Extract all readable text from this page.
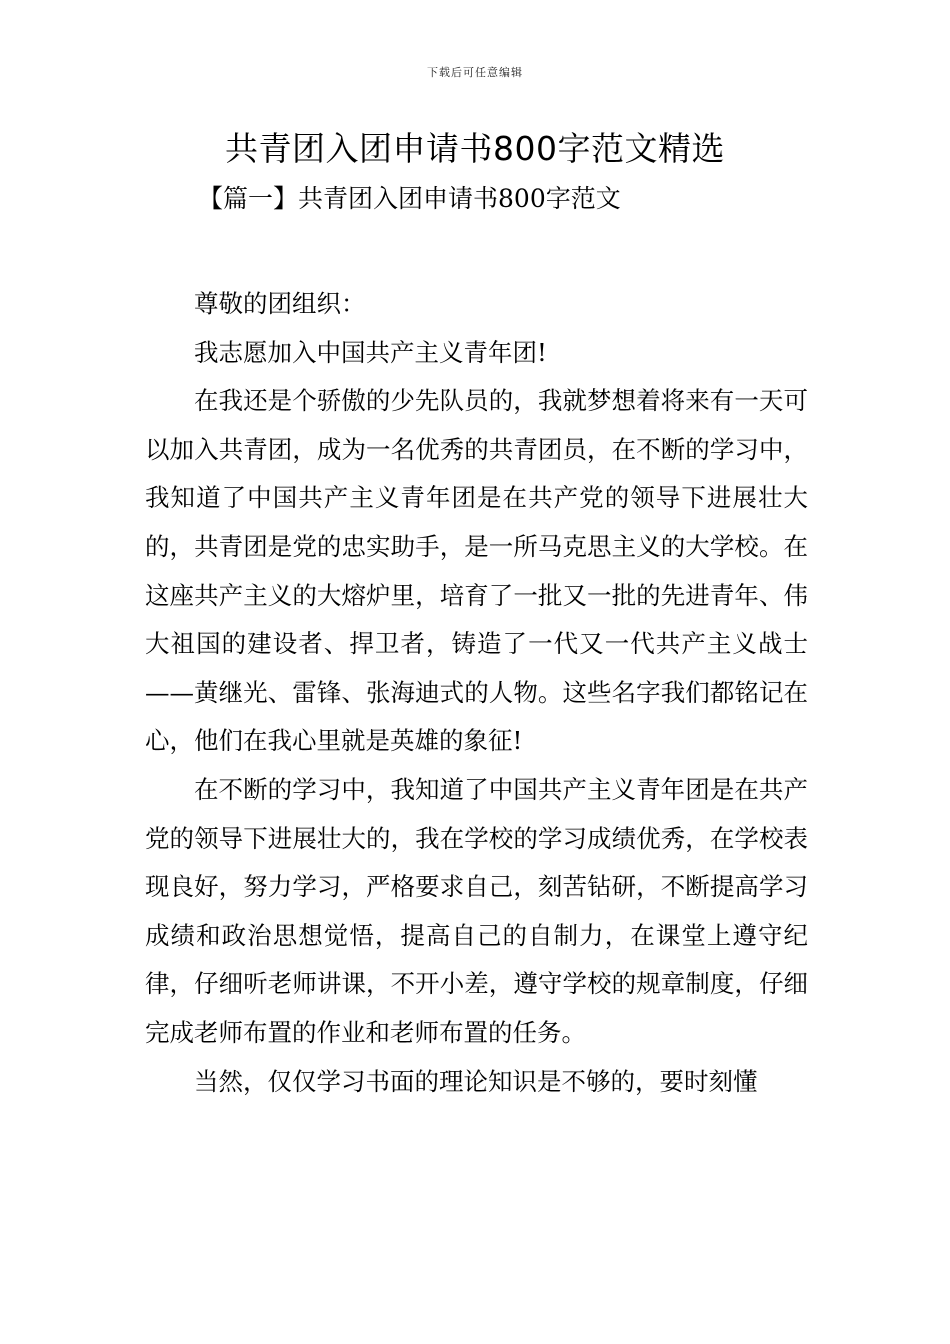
下载后可任意编辑
共青团入团申请书800字范文精选
【篇一】共青团入团申请书800字范文

尊敬的团组织：

我志愿加入中国共产主义青年团!

在我还是个骄傲的少先队员的，我就梦想着将来有一天可以加入共青团，成为一名优秀的共青团员，在不断的学习中，我知道了中国共产主义青年团是在共产党的领导下进展壮大的，共青团是党的忠实助手，是一所马克思主义的大学校。在这座共产主义的大熔炉里，培育了一批又一批的先进青年、伟大祖国的建设者、捍卫者，铸造了一代又一代共产主义战士——黄继光、雷锋、张海迪式的人物。这些名字我们都铭记在心，他们在我心里就是英雄的象征!

在不断的学习中，我知道了中国共产主义青年团是在共产党的领导下进展壮大的，我在学校的学习成绩优秀，在学校表现良好，努力学习，严格要求自己，刻苦钻研，不断提高学习成绩和政治思想觉悟，提高自己的自制力，在课堂上遵守纪律，仔细听老师讲课，不开小差，遵守学校的规章制度，仔细完成老师布置的作业和老师布置的任务。

当然，仅仅学习书面的理论知识是不够的，要时刻懂
